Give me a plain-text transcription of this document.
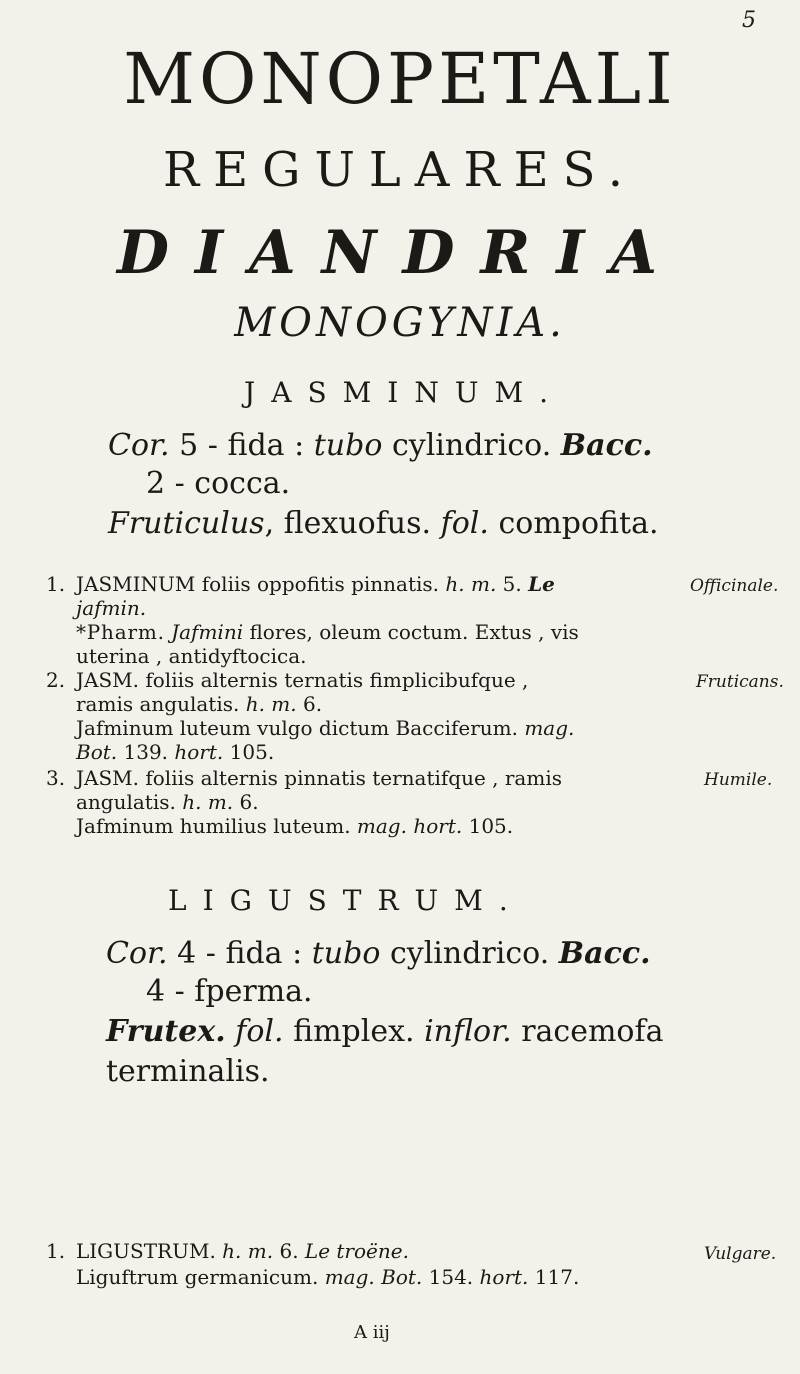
5
MONOPETALI
REGULARES.
DIANDRIA
MONOGYNIA.
JASMINUM.
Cor. 5 - fida : tubo cylindrico. Bacc.
2 - cocca.
Fruticulus, flexuofus. fol. compofita.
1. JASMINUM foliis oppofitis pinnatis. h. m. 5. Le
jafmin.
*Pharm. Jafmini flores, oleum coctum. Extus , vis
uterina , antidyftocica.
Officinale.
2. JASM. foliis alternis ternatis fimplicibufque ,
ramis angulatis. h. m. 6.
Jafminum luteum vulgo dictum Bacciferum. mag.
Bot. 139. hort. 105.
Fruticans.
3. JASM. foliis alternis pinnatis ternatifque , ramis
angulatis. h. m. 6.
Jafminum humilius luteum. mag. hort. 105.
Humile.
LIGUSTRUM.
Cor. 4 - fida : tubo cylindrico. Bacc.
4 - fperma.
Frutex. fol. fimplex. inflor. racemofa
terminalis.
1. LIGUSTRUM. h. m. 6. Le troëne.
Liguftrum germanicum. mag. Bot. 154. hort. 117.
Vulgare.
A iij
